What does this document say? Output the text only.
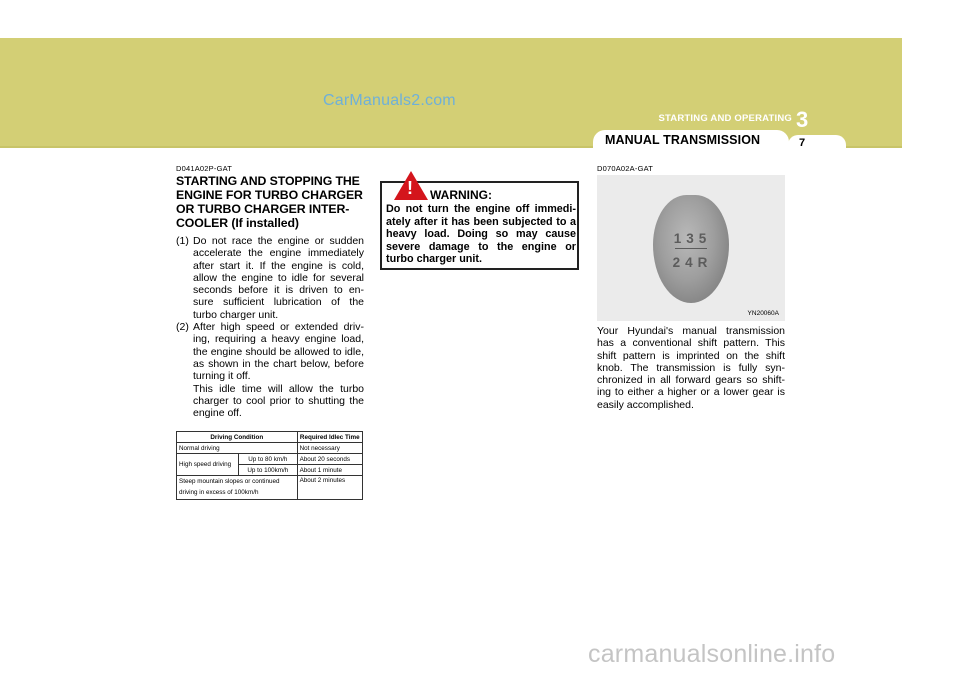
CarManuals2.com
STARTING AND OPERATING 3
MANUAL TRANSMISSION	7
D041A02P-GAT
STARTING AND STOPPING THE ENGINE FOR TURBO CHARGER OR TURBO CHARGER INTER-COOLER (If installed)
(1) Do not race the engine or sudden accelerate the engine immediately after start it. If the engine is cold, allow the engine to idle for several seconds before it is driven to en-sure sufficient lubrication of the turbo charger unit.
(2) After high speed or extended driv-ing, requiring a heavy engine load, the engine should be allowed to idle, as shown in the chart below, before turning it off.
This idle time will allow the turbo charger to cool prior to shutting the engine off.
Driving Condition		Required Idlec Time
Normal driving		Not necessary
High speed driving	Up to 80 km/h	About 20 seconds
	Up to 100km/h	About 1 minute

Steep mountain slopes or continued
driving in excess of 100km/h		About 2 minutes
! WARNING:
Do not turn the engine off immedi-ately after it has been subjected to a heavy load. Doing so may cause severe damage to the engine or turbo charger unit.
D070A02A-GAT
135
24R
YN20060A
Your Hyundai's manual transmission has a conventional shift pattern. This shift pattern is imprinted on the shift knob. The transmission is fully syn-chronized in all forward gears so shift-ing to either a higher or a lower gear is easily accomplished.
carmanualsonline.info
